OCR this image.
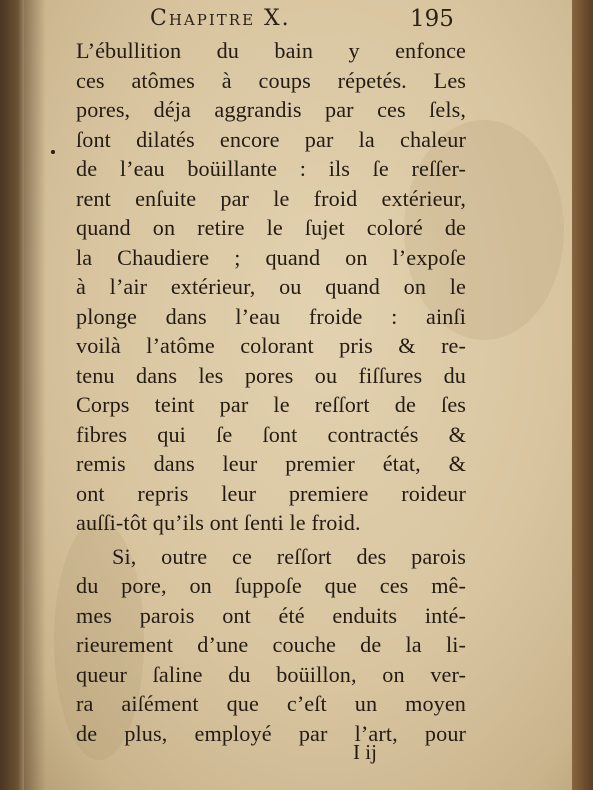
Chapitre X.	195
L’ébullition du bain y enfonce
ces atômes à coups répetés. Les
pores, déja aggrandis par ces ſels,
ſont dilatés encore par la chaleur
de l’eau boüillante : ils ſe reſſer-
rent enſuite par le froid extérieur,
quand on retire le ſujet coloré de
la Chaudiere ; quand on l’expoſe
à l’air extérieur, ou quand on le
plonge dans l’eau froide : ainſi
voilà l’atôme colorant pris & re-
tenu dans les pores ou fiſſures du
Corps teint par le reſſort de ſes
fibres qui ſe ſont contractés &
remis dans leur premier état, &
ont repris leur premiere roideur
auſſi-tôt qu’ils ont ſenti le froid.
Si, outre ce reſſort des parois
du pore, on ſuppoſe que ces mê-
mes parois ont été enduits inté-
rieurement d’une couche de la li-
queur ſaline du boüillon, on ver-
ra aiſément que c’eſt un moyen
de plus, employé par l’art, pour
I ij
